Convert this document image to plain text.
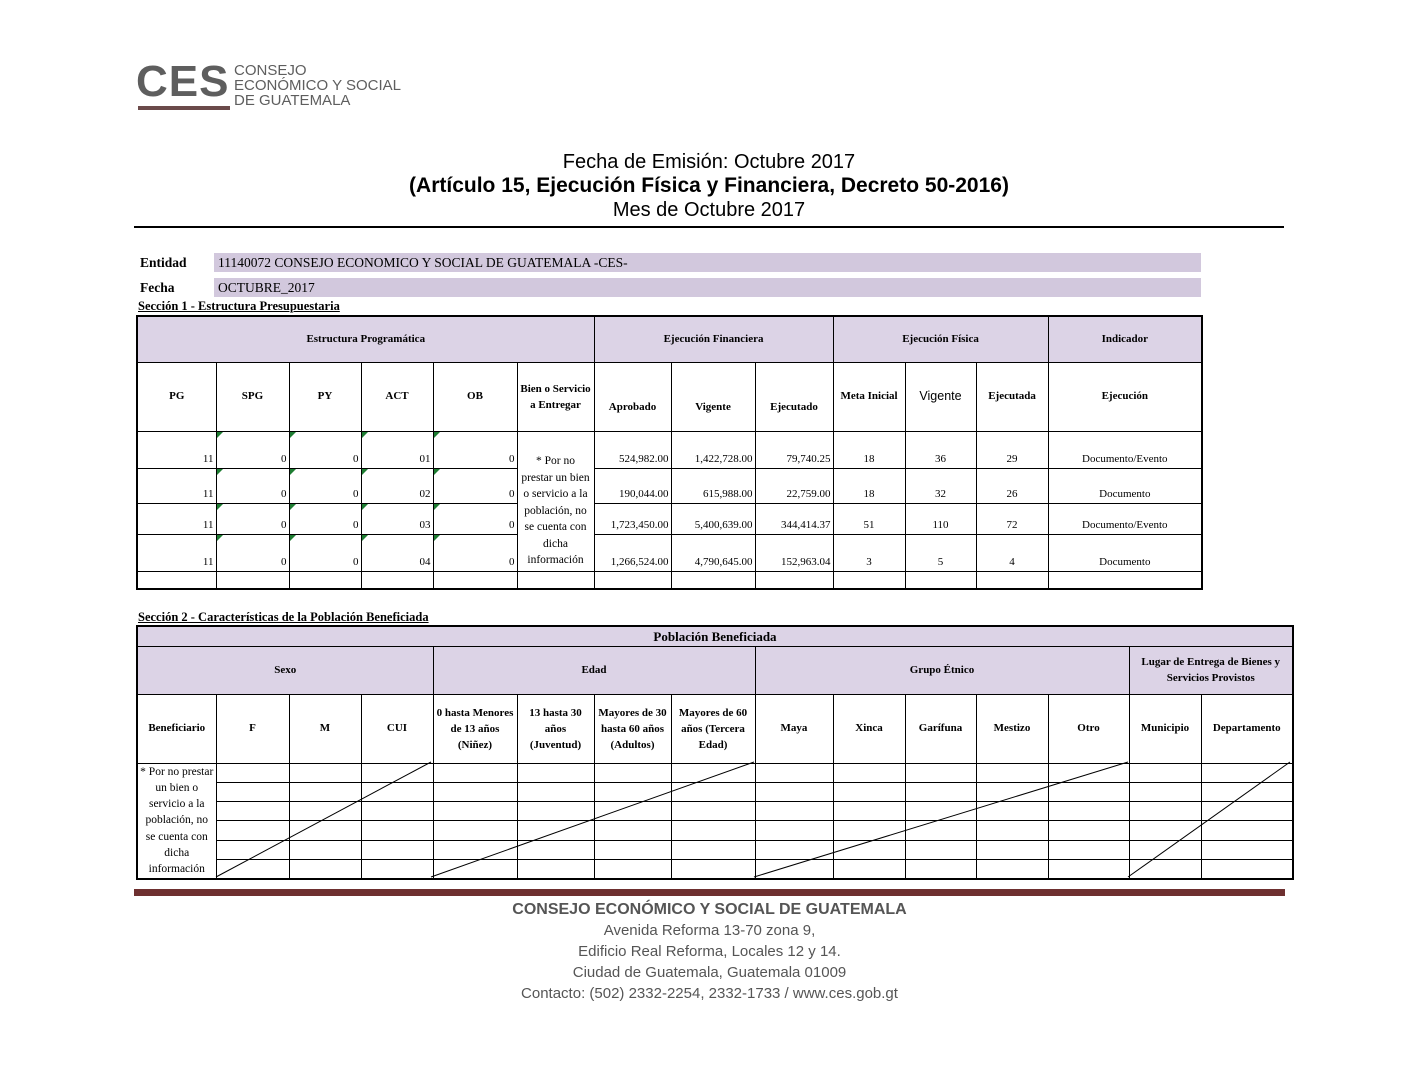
CES CONSEJO
ECONÓMICO Y SOCIAL
DE GUATEMALA
Fecha de Emisión: Octubre 2017
(Artículo 15, Ejecución Física y Financiera, Decreto 50-2016)
Mes de Octubre 2017
Entidad 11140072 CONSEJO ECONOMICO Y SOCIAL DE GUATEMALA -CES-
Fecha	OCTUBRE_2017
Sección 1 - Estructura Presupuestaria
Estructura Programática						Ejecución Financiera			Ejecución Física			Indicador
PG	SPG	PY	ACT	OB	Bien o Servicio a Entregar	Aprobado	Vigente	Ejecutado	Meta Inicial	Vigente	Ejecutada	Ejecución
11	0	0	01	0	* Por no prestar un bien o servicio a la población, no se cuenta con dicha información	524,982.00	1,422,728.00	79,740.25	18	36	29	Documento/Evento
11	0	0	02	0		190,044.00	615,988.00	22,759.00	18	32	26	Documento
11	0	0	03	0		1,723,450.00	5,400,639.00	344,414.37	51	110	72	Documento/Evento
11	0	0	04	0		1,266,524.00	4,790,645.00	152,963.04	3	5	4	Documento

Sección 2 - Características de la Población Beneficiada
Población Beneficiada														
Sexo				Edad				Grupo Étnico					Lugar de Entrega de Bienes y Servicios Provistos	
Beneficiario	F	M	CUI	0 hasta Menores de 13 años (Niñez)	13 hasta 30 años (Juventud)	Mayores de 30 hasta 60 años (Adultos)	Mayores de 60 años (Tercera Edad)	Maya	Xinca	Garífuna	Mestizo	Otro	Municipio	Departamento
* Por no prestar un bien o servicio a la población, no se cuenta con dicha información														

CONSEJO ECONÓMICO Y SOCIAL DE GUATEMALA
Avenida Reforma 13-70 zona 9,
Edificio Real Reforma, Locales 12 y 14.
Ciudad de Guatemala, Guatemala 01009
Contacto: (502) 2332-2254, 2332-1733 / www.ces.gob.gt
